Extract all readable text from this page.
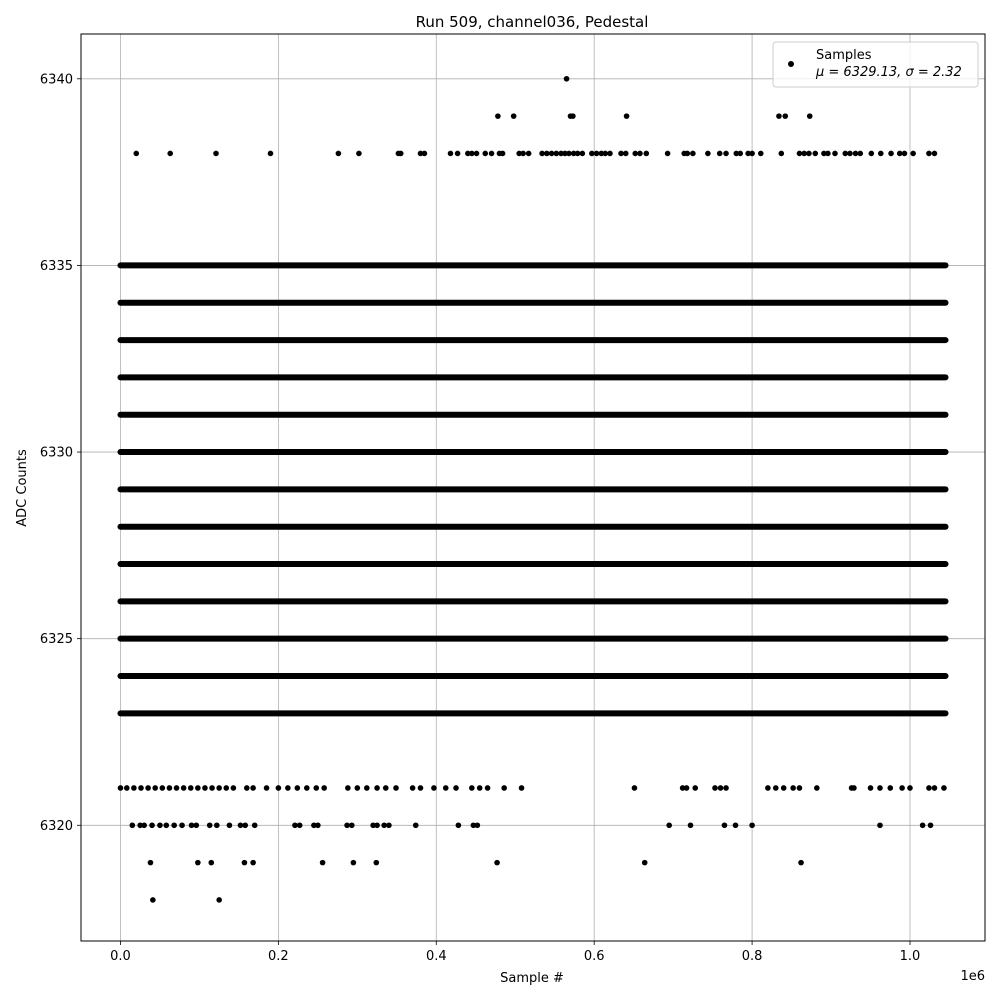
Run 509, channel036, Pedestal
0.0	0.2	0.4	0.6	0.8	1.0
6320
6325
6330
6335
6340
1e6
Sample #
ADC Counts
Samples
μ = 6329.13, σ = 2.32
